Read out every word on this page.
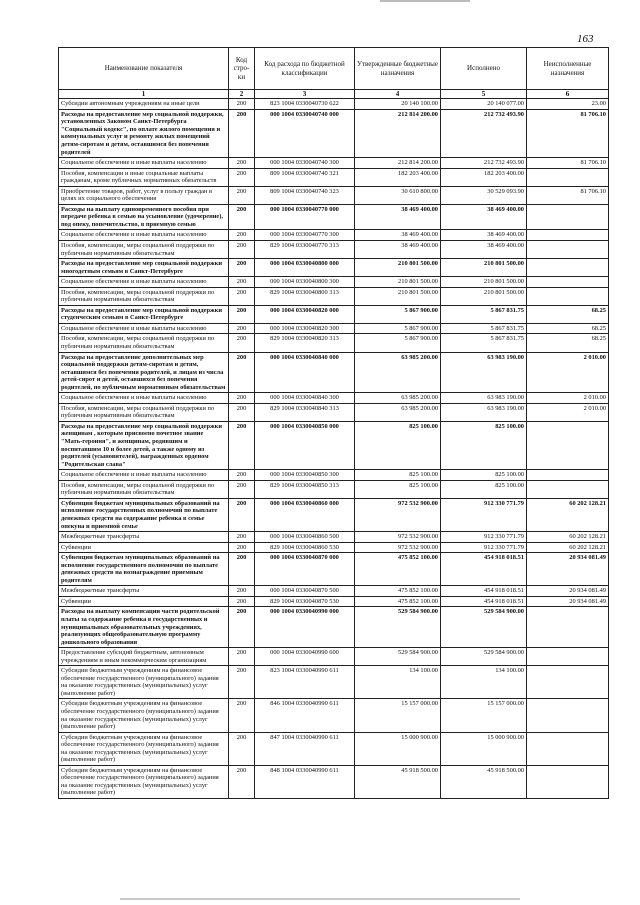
163
Наименование показателя	Код стро-ки	Код расхода по бюджетной классификации	Утвержденные бюджетные назначения	Исполнено	Неисполненные назначения
1	2	3	4	5	6
Субсидии автономным учреждениям на иные цели	200	823 1004 0330040730 622	20 140 100.00	20 140 077.00	23.00
Расходы на предоставление мер социальной поддержки, установленных Законом Санкт-Петербурга "Социальный кодекс", по оплате жилого помещения и коммунальных услуг и ремонту жилых помещений детям-сиротам и детям, оставшимся без попечения родителей	200	000 1004 0330040740 000	212 814 200.00	212 732 493.90	81 706.10
Социальное обеспечение и иные выплаты населению	200	000 1004 0330040740 300	212 814 200.00	212 732 493.90	81 706.10
Пособия, компенсации и иные социальные выплаты гражданам, кроме публичных нормативных обязательств	200	809 1004 0330040740 321	182 203 400.00	182 203 400.00	
Приобретение товаров, работ, услуг в пользу граждан в целях их социального обеспечения	200	809 1004 0330040740 323	30 610 800.00	30 529 093.90	81 706.10
Расходы на выплату единовременного пособия при передаче ребенка в семью на усыновление (удочерение), под опеку, попечительство, в приемную семью	200	000 1004 0330040770 000	38 469 400.00	38 469 400.00	
Социальное обеспечение и иные выплаты населению	200	000 1004 0330040770 300	38 469 400.00	38 469 400.00	
Пособия, компенсации, меры социальной поддержки по публичным нормативным обязательствам	200	829 1004 0330040770 313	38 469 400.00	38 469 400.00	
Расходы на предоставление мер социальной поддержки многодетным семьям в Санкт-Петербурге	200	000 1004 0330040800 000	210 801 500.00	210 801 500.00	
Социальное обеспечение и иные выплаты населению	200	000 1004 0330040800 300	210 801 500.00	210 801 500.00	
Пособия, компенсации, меры социальной поддержки по публичным нормативным обязательствам	200	829 1004 0330040800 313	210 801 500.00	210 801 500.00	
Расходы на предоставление мер социальной поддержки студенческим семьям в Санкт-Петербурге	200	000 1004 0330040820 000	5 867 900.00	5 867 831.75	68.25
Социальное обеспечение и иные выплаты населению	200	000 1004 0330040820 300	5 867 900.00	5 867 831.75	68.25
Пособия, компенсации, меры социальной поддержки по публичным нормативным обязательствам	200	829 1004 0330040820 313	5 867 900.00	5 867 831.75	68.25
Расходы на предоставление дополнительных мер социальной поддержки детям-сиротам и детям, оставшимся без попечения родителей, и лицам из числа детей-сирот и детей, оставшихся без попечения родителей, по публичным нормативным обязательствам	200	000 1004 0330040840 000	63 985 200.00	63 983 190.00	2 010.00
Социальное обеспечение и иные выплаты населению	200	000 1004 0330040840 300	63 985 200.00	63 983 190.00	2 010.00
Пособия, компенсации, меры социальной поддержки по публичным нормативным обязательствам	200	829 1004 0330040840 313	63 985 200.00	63 983 190.00	2 010.00
Расходы на предоставление мер социальной поддержки женщинам , которым присвоено почетное звание "Мать-героиня", и женщинам, родившим и воспитавшим 10 и более детей, а также одному из родителей (усыновителей), награжденных орденом "Родительская слава"	200	000 1004 0330040850 000	825 100.00	825 100.00	
Социальное обеспечение и иные выплаты населению	200	000 1004 0330040850 300	825 100.00	825 100.00	
Пособия, компенсации, меры социальной поддержки по публичным нормативным обязательствам	200	829 1004 0330040850 313	825 100.00	825 100.00	
Субвенции бюджетам муниципальных образований на исполнение государственных полномочий по выплате денежных средств на содержание ребенка в семье опекуна и приемной семье	200	000 1004 0330040860 000	972 532 900.00	912 330 771.79	60 202 128.21
Межбюджетные трансферты	200	000 1004 0330040860 500	972 532 900.00	912 330 771.79	60 202 128.21
Субвенции	200	829 1004 0330040860 530	972 532 900.00	912 330 771.79	60 202 128.21
Субвенции бюджетам муниципальных образований на исполнение государственного полномочия по выплате денежных средств на вознаграждение приемным родителям	200	000 1004 0330040870 000	475 852 100.00	454 918 018.51	20 934 081.49
Межбюджетные трансферты	200	000 1004 0330040870 500	475 852 100.00	454 918 018.51	20 934 081.49
Субвенции	200	829 1004 0330040870 530	475 852 100.00	454 918 018.51	20 934 081.49
Расходы на выплату компенсации части родительской платы за содержание ребенка в государственных и муниципальных образовательных учреждениях, реализующих общеобразовательную программу дошкольного образования	200	000 1004 0330040990 000	529 584 900.00	529 584 900.00	
Предоставление субсидий бюджетным, автономным учреждениям и иным некоммерческим организациям	200	000 1004 0330040990 600	529 584 900.00	529 584 900.00	
Субсидии бюджетным учреждениям на финансовое обеспечение государственного (муниципального) задания на оказание государственных (муниципальных) услуг (выполнение работ)	200	823 1004 0330040990 611	134 100.00	134 100.00	
Субсидии бюджетным учреждениям на финансовое обеспечение государственного (муниципального) задания на оказание государственных (муниципальных) услуг (выполнение работ)	200	846 1004 0330040990 611	15 157 000.00	15 157 000.00	
Субсидии бюджетным учреждениям на финансовое обеспечение государственного (муниципального) задания на оказание государственных (муниципальных) услуг (выполнение работ)	200	847 1004 0330040990 611	15 000 900.00	15 000 900.00	
Субсидии бюджетным учреждениям на финансовое обеспечение государственного (муниципального) задания на оказание государственных (муниципальных) услуг (выполнение работ)	200	848 1004 0330040990 611	45 918 500.00	45 918 500.00	
